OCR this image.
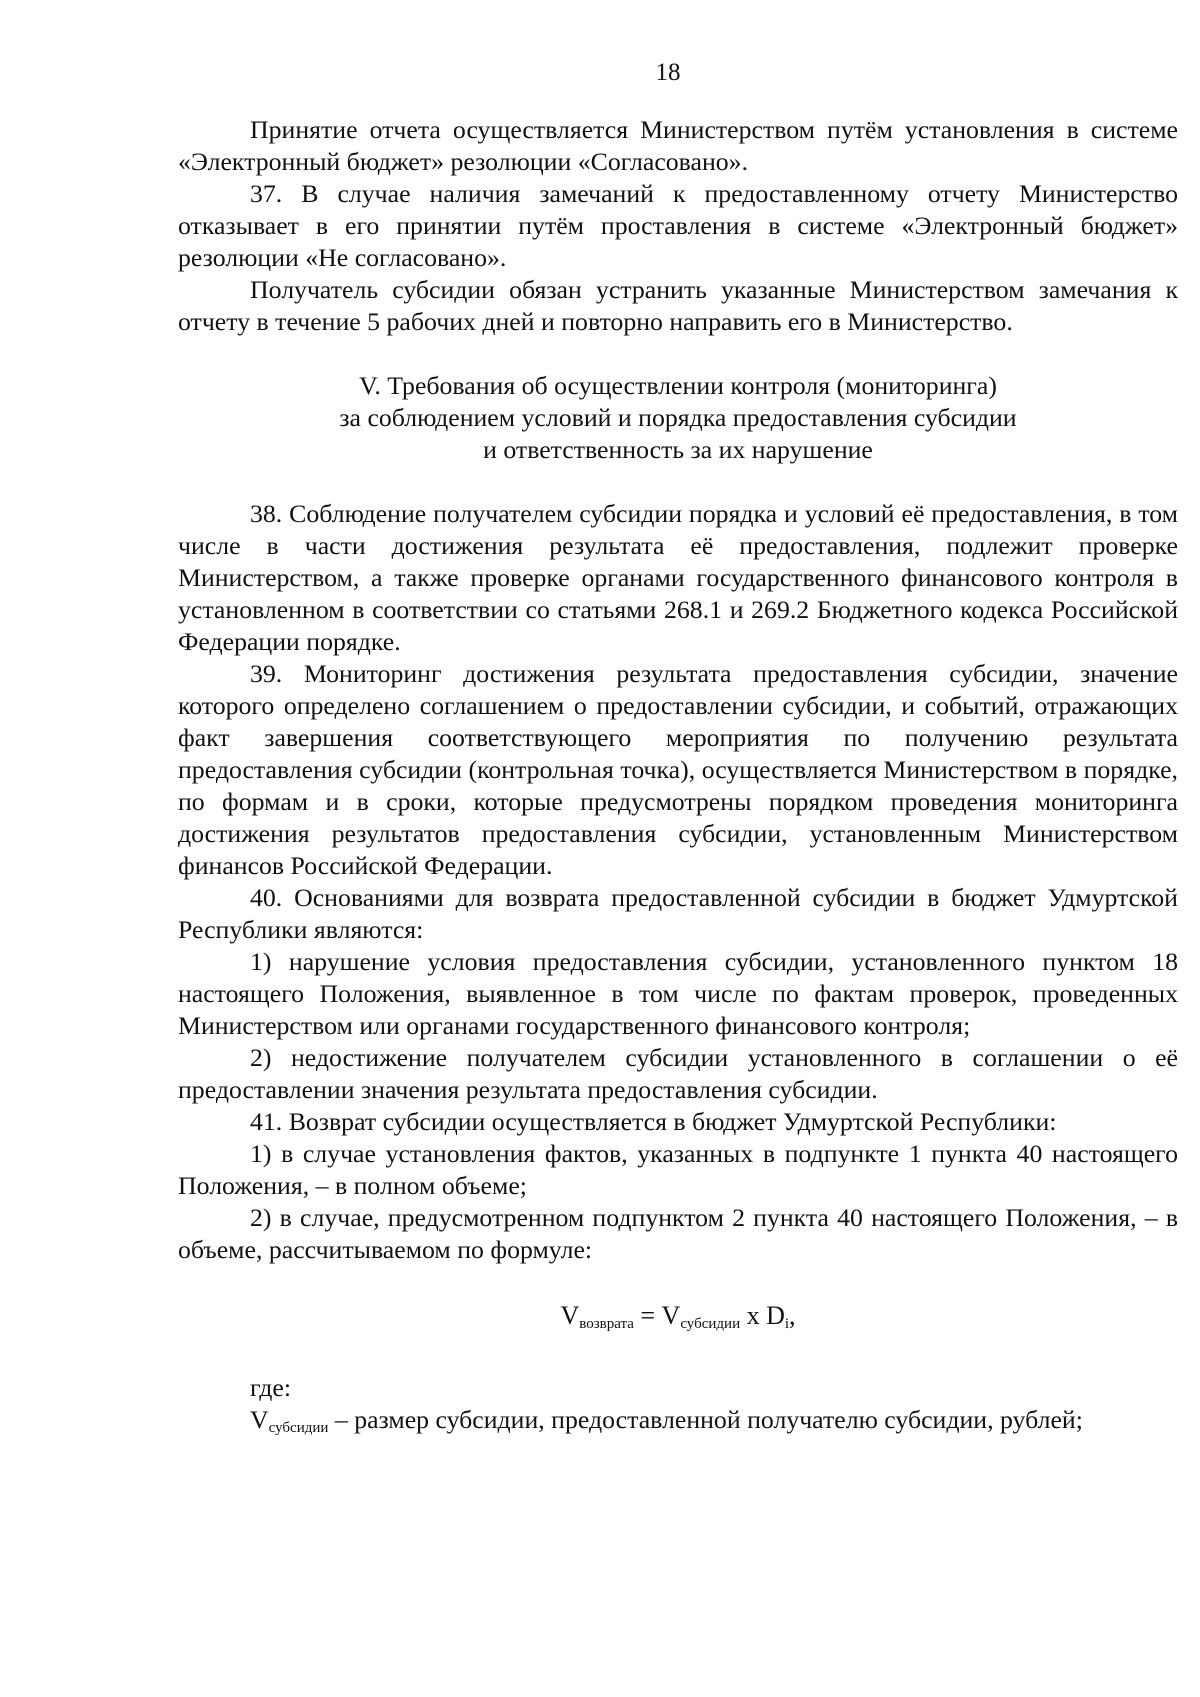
18

Принятие отчета осуществляется Министерством путём установления в системе «Электронный бюджет» резолюции «Согласовано».

37. В случае наличия замечаний к предоставленному отчету Министерство отказывает в его принятии путём проставления в системе «Электронный бюджет» резолюции «Не согласовано».

Получатель субсидии обязан устранить указанные Министерством замечания к отчету в течение 5 рабочих дней и повторно направить его в Министерство.

V. Требования об осуществлении контроля (мониторинга)
за соблюдением условий и порядка предоставления субсидии
и ответственность за их нарушение

38. Соблюдение получателем субсидии порядка и условий её предоставления, в том числе в части достижения результата её предоставления, подлежит проверке Министерством, а также проверке органами государственного финансового контроля в установленном в соответствии со статьями 268.1 и 269.2 Бюджетного кодекса Российской Федерации порядке.

39. Мониторинг достижения результата предоставления субсидии, значение которого определено соглашением о предоставлении субсидии, и событий, отражающих факт завершения соответствующего мероприятия по получению результата предоставления субсидии (контрольная точка), осуществляется Министерством в порядке, по формам и в сроки, которые предусмотрены порядком проведения мониторинга достижения результатов предоставления субсидии, установленным Министерством финансов Российской Федерации.

40. Основаниями для возврата предоставленной субсидии в бюджет Удмуртской Республики являются:

1) нарушение условия предоставления субсидии, установленного пунктом 18 настоящего Положения, выявленное в том числе по фактам проверок, проведенных Министерством или органами государственного финансового контроля;

2) недостижение получателем субсидии установленного в соглашении о её предоставлении значения результата предоставления субсидии.

41. Возврат субсидии осуществляется в бюджет Удмуртской Республики:

1) в случае установления фактов, указанных в подпункте 1 пункта 40 настоящего Положения, – в полном объеме;

2) в случае, предусмотренном подпунктом 2 пункта 40 настоящего Положения, – в объеме, рассчитываемом по формуле:

$V_{возврата} = V_{субсидии}$ x $D_i$,

где:

$V_{субсидии}$ – размер субсидии, предоставленной получателю субсидии, рублей;
